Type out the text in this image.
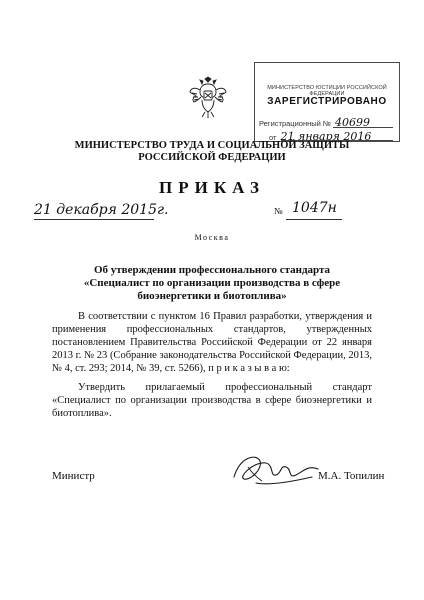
МИНИСТЕРСТВО ЮСТИЦИИ РОССИЙСКОЙ ФЕДЕРАЦИИ
ЗАРЕГИСТРИРОВАНО
Регистрационный № 40699
от 21 января 2016
МИНИСТЕРСТВО ТРУДА И СОЦИАЛЬНОЙ ЗАЩИТЫ
РОССИЙСКОЙ ФЕДЕРАЦИИ
ПРИКАЗ
21 декабря 2015г.	№ 1047н
Москва
Об утверждении профессионального стандарта
«Специалист по организации производства в сфере биоэнергетики и биотоплива»
В соответствии с пунктом 16 Правил разработки, утверждения и применения профессиональных стандартов, утвержденных постановлением Правительства Российской Федерации от 22 января 2013 г. № 23 (Собрание законодательства Российской Федерации, 2013, № 4, ст. 293; 2014, № 39, ст. 5266), п р и к а з ы в а ю:
Утвердить прилагаемый профессиональный стандарт «Специалист по организации производства в сфере биоэнергетики и биотоплива».
Министр	М.А. Топилин
